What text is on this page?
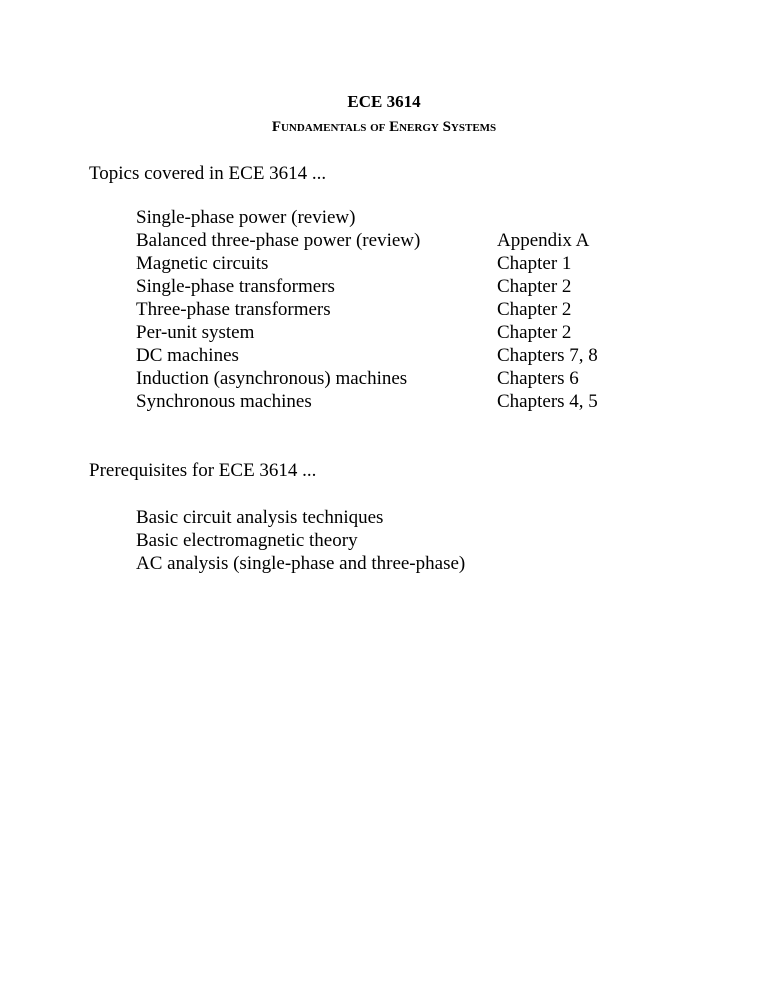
ECE 3614
Fundamentals of Energy Systems
Topics covered in ECE 3614 ...
Single-phase power (review)
Balanced three-phase power (review)	Appendix A
Magnetic circuits	Chapter 1
Single-phase transformers	Chapter 2
Three-phase transformers	Chapter 2
Per-unit system	Chapter 2
DC machines	Chapters 7, 8
Induction (asynchronous) machines	Chapters 6
Synchronous machines	Chapters 4, 5
Prerequisites for ECE 3614 ...
Basic circuit analysis techniques
Basic electromagnetic theory
AC analysis (single-phase and three-phase)
